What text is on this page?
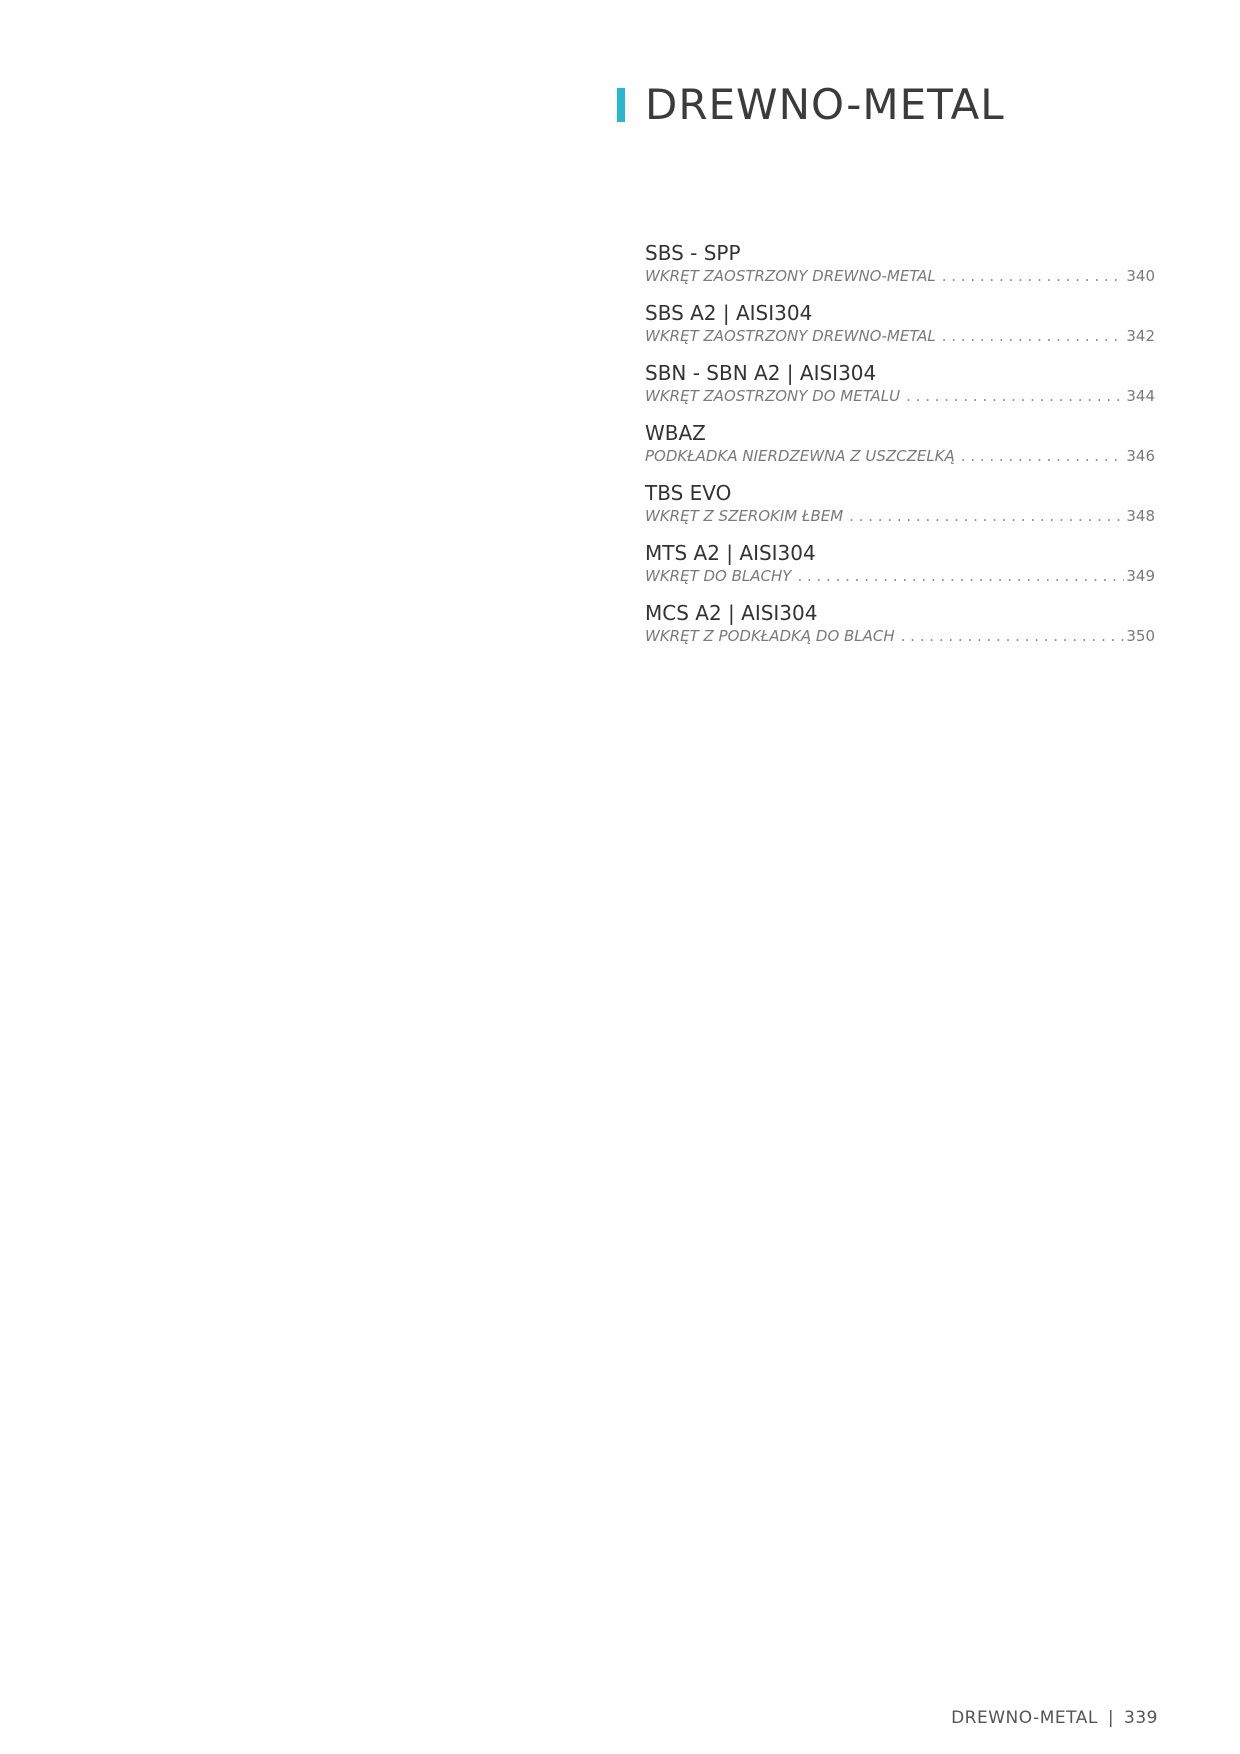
DREWNO-METAL
SBS - SPP
WKRĘT ZAOSTRZONY DREWNO-METAL . . .	340
SBS A2 | AISI304
WKRĘT ZAOSTRZONY DREWNO-METAL . . .	342
SBN - SBN A2 | AISI304
WKRĘT ZAOSTRZONY DO METALU . . .	344
WBAZ
PODKŁADKA NIERDZEWNA Z USZCZELKĄ . . .	346
TBS EVO
WKRĘT Z SZEROKIM ŁBEM . . .	348
MTS A2 | AISI304
WKRĘT DO BLACHY . . .	349
MCS A2 | AISI304
WKRĘT Z PODKŁADKĄ DO BLACH . . .	350
DREWNO-METAL | 339
